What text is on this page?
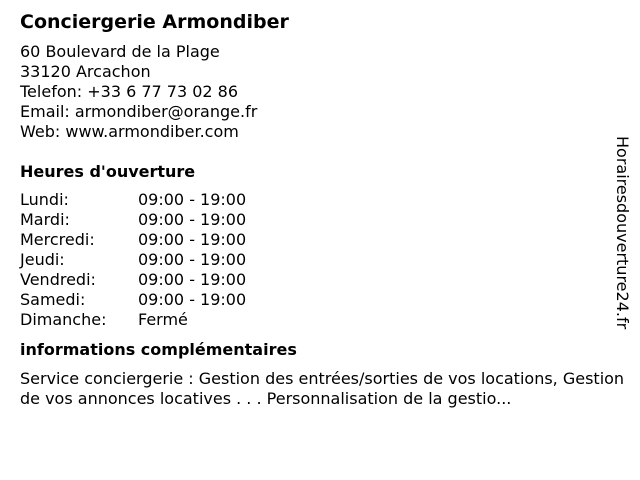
Conciergerie Armondiber
60 Boulevard de la Plage
33120 Arcachon
Telefon: +33 6 77 73 02 86
Email: armondiber@orange.fr
Web: www.armondiber.com
Heures d'ouverture
Lundi:	09:00 - 19:00
Mardi:	09:00 - 19:00
Mercredi:	09:00 - 19:00
Jeudi:	09:00 - 19:00
Vendredi:	09:00 - 19:00
Samedi:	09:00 - 19:00
Dimanche:	Fermé
informations complémentaires
Service conciergerie : Gestion des entrées/sorties de vos locations, Gestion de vos annonces locatives . . . Personnalisation de la gestio...
Horairesdouverture24.fr
